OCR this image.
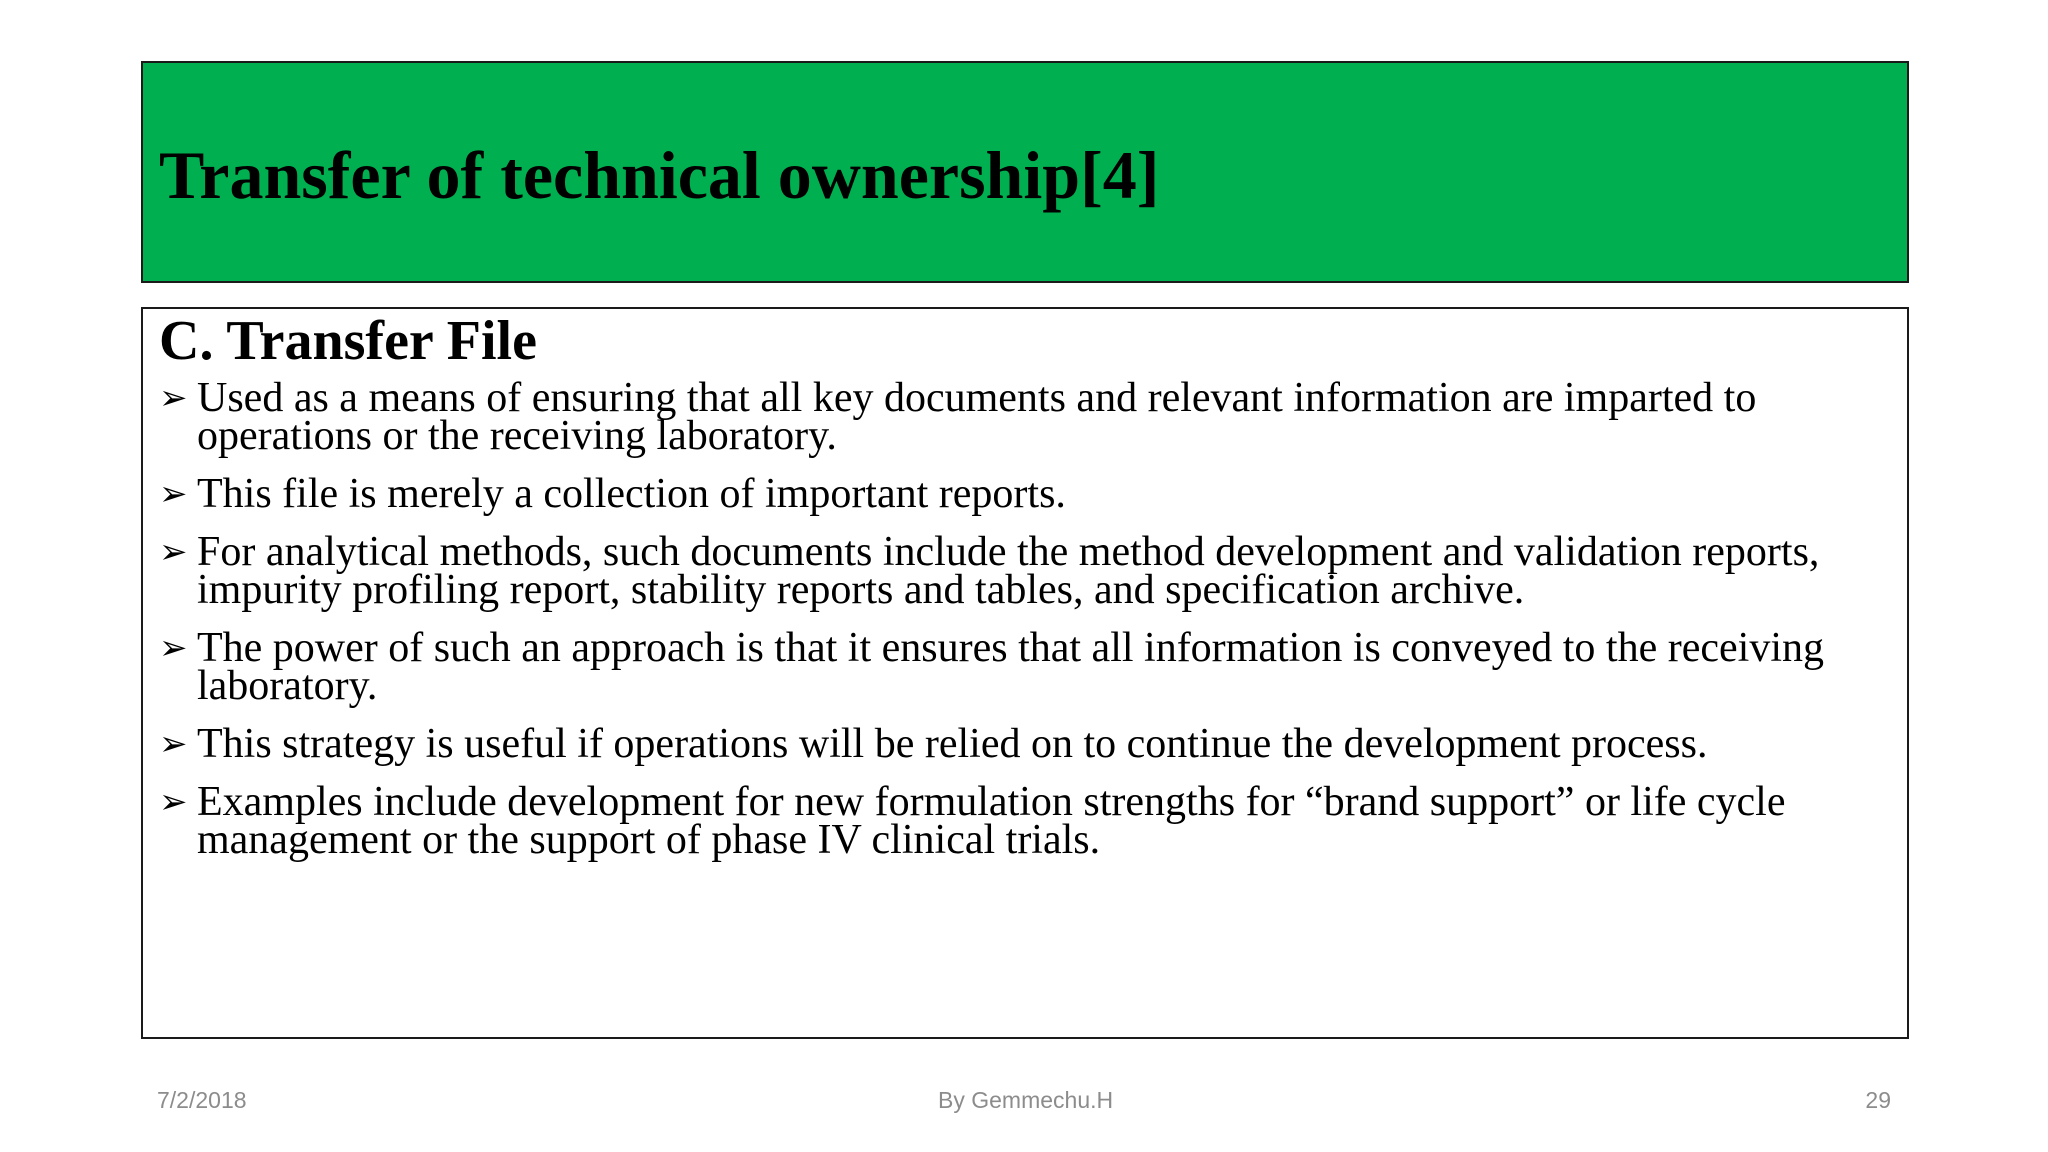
Transfer of technical ownership[4]
C. Transfer File
➢ Used as a means of ensuring that all key documents and relevant information are imparted to operations or the receiving laboratory.
➢ This file is merely a collection of important reports.
➢ For analytical methods, such documents include the method development and validation reports, impurity profiling report, stability reports and tables, and specification archive.
➢ The power of such an approach is that it ensures that all information is conveyed to the receiving laboratory.
➢ This strategy is useful if operations will be relied on to continue the development process.
➢ Examples include development for new formulation strengths for “brand support” or life cycle management or the support of phase IV clinical trials.
7/2/2018	By Gemmechu.H	29
